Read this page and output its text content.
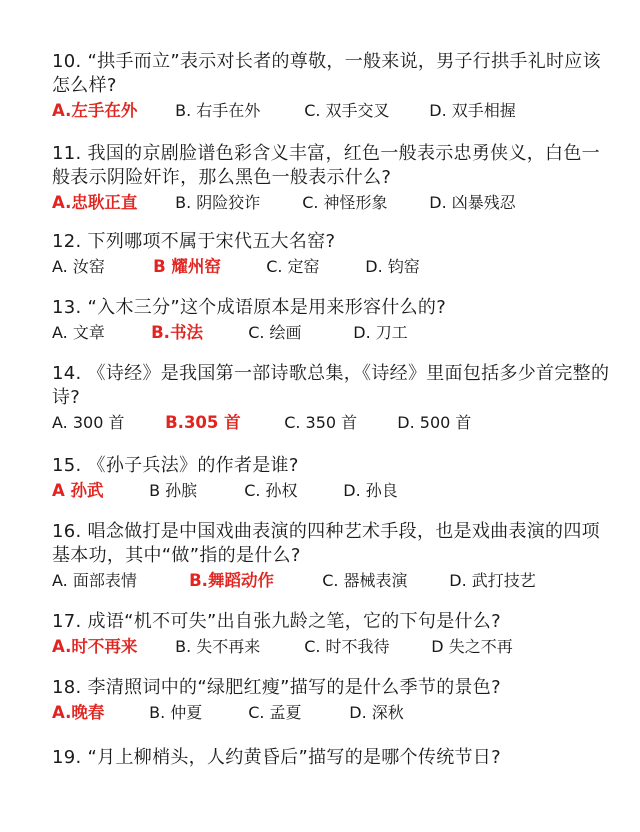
10. “拱手而立”表示对长者的尊敬，一般来说，男子行拱手礼时应该怎么样?

A.左手在外 B. 右手在外	C. 双手交叉 D. 双手相握

11. 我国的京剧脸谱色彩含义丰富，红色一般表示忠勇侠义，白色一般表示阴险奸诈，那么黑色一般表示什么?

A.忠耿正直 B. 阴险狡诈	C. 神怪形象	D. 凶暴残忍

12. 下列哪项不属于宋代五大名窑?

A. 汝窑	B 耀州窑	C. 定窑	D. 钧窑

13. “入木三分”这个成语原本是用来形容什么的?

A. 文章	B.书法	C. 绘画	D. 刀工

14. 《诗经》是我国第一部诗歌总集，《诗经》里面包括多少首完整的诗?

A. 300 首 B.305 首	C. 350 首	D. 500 首

15. 《孙子兵法》的作者是谁?

A 孙武	B 孙膑	C. 孙权	D. 孙良

16. 唱念做打是中国戏曲表演的四种艺术手段，也是戏曲表演的四项基本功，其中“做”指的是什么?

A. 面部表情	B.舞蹈动作	C. 器械表演	D. 武打技艺

17. 成语“机不可失”出自张九龄之笔，它的下句是什么?

A.时不再来 B. 失不再来	C. 时不我待	D 失之不再

18. 李清照词中的“绿肥红瘦”描写的是什么季节的景色?

A.晚春	B. 仲夏	C. 孟夏	D. 深秋

19. “月上柳梢头，人约黄昏后”描写的是哪个传统节日?
